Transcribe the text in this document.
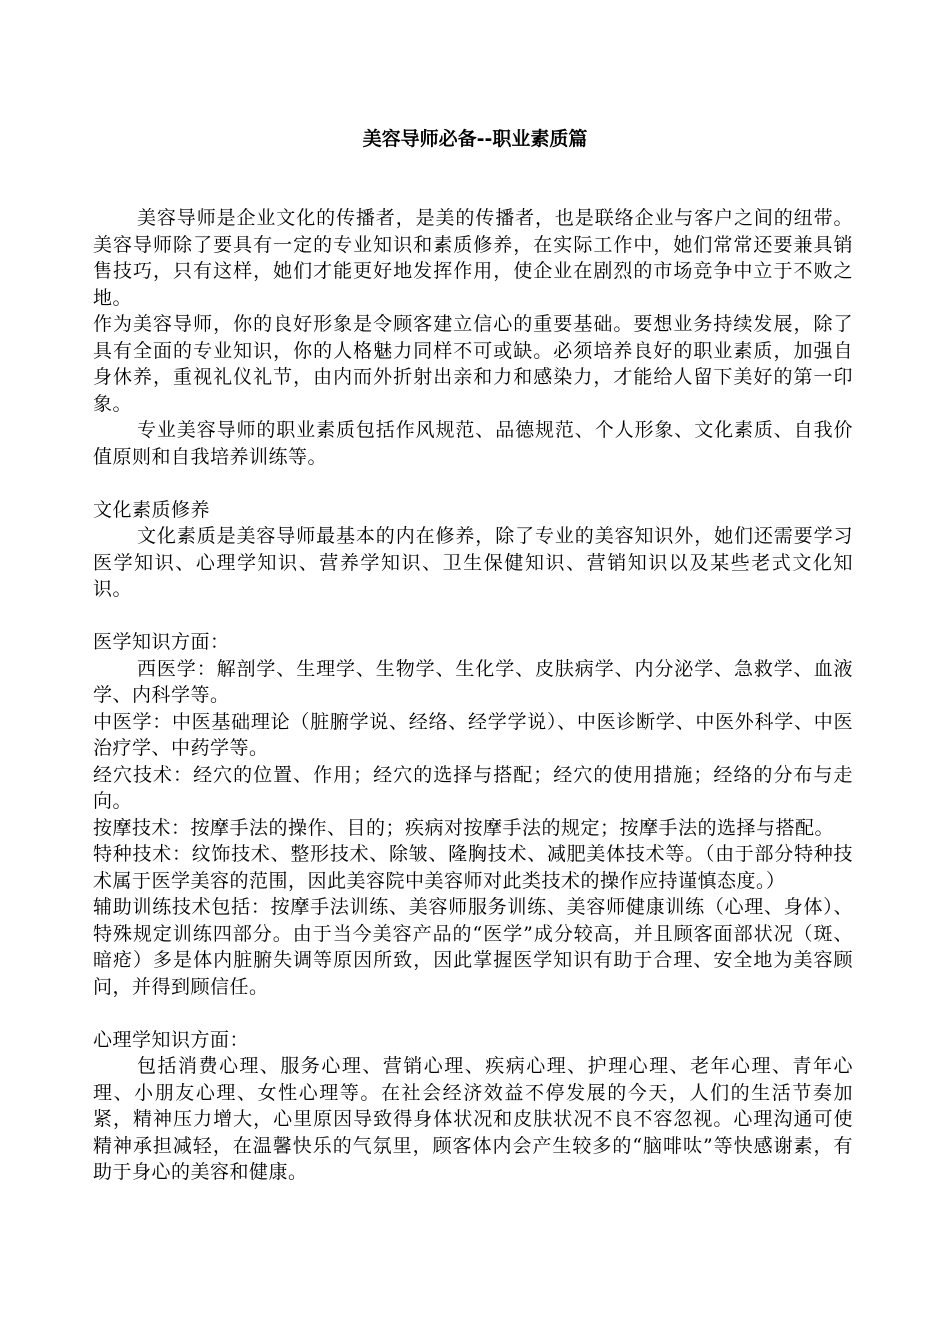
美容导师必备--职业素质篇

美容导师是企业文化的传播者，是美的传播者，也是联络企业与客户之间的纽带。美容导师除了要具有一定的专业知识和素质修养，在实际工作中，她们常常还要兼具销售技巧，只有这样，她们才能更好地发挥作用，使企业在剧烈的市场竞争中立于不败之地。

作为美容导师，你的良好形象是令顾客建立信心的重要基础。要想业务持续发展，除了具有全面的专业知识，你的人格魅力同样不可或缺。必须培养良好的职业素质，加强自身休养，重视礼仪礼节，由内而外折射出亲和力和感染力，才能给人留下美好的第一印象。

专业美容导师的职业素质包括作风规范、品德规范、个人形象、文化素质、自我价值原则和自我培养训练等。

文化素质修养

文化素质是美容导师最基本的内在修养，除了专业的美容知识外，她们还需要学习医学知识、心理学知识、营养学知识、卫生保健知识、营销知识以及某些老式文化知识。

医学知识方面：

西医学：解剖学、生理学、生物学、生化学、皮肤病学、内分泌学、急救学、血液学、内科学等。

中医学：中医基础理论（脏腑学说、经络、经学学说）、中医诊断学、中医外科学、中医治疗学、中药学等。

经穴技术：经穴的位置、作用；经穴的选择与搭配；经穴的使用措施；经络的分布与走向。

按摩技术：按摩手法的操作、目的；疾病对按摩手法的规定；按摩手法的选择与搭配。

特种技术：纹饰技术、整形技术、除皱、隆胸技术、减肥美体技术等。（由于部分特种技术属于医学美容的范围，因此美容院中美容师对此类技术的操作应持谨慎态度。）

辅助训练技术包括：按摩手法训练、美容师服务训练、美容师健康训练（心理、身体）、特殊规定训练四部分。由于当今美容产品的“医学”成分较高，并且顾客面部状况（斑、暗疮）多是体内脏腑失调等原因所致，因此掌握医学知识有助于合理、安全地为美容顾问，并得到顾信任。

心理学知识方面：

包括消费心理、服务心理、营销心理、疾病心理、护理心理、老年心理、青年心理、小朋友心理、女性心理等。在社会经济效益不停发展的今天，人们的生活节奏加紧，精神压力增大，心里原因导致得身体状况和皮肤状况不良不容忽视。心理沟通可使精神承担减轻，在温馨快乐的气氛里，顾客体内会产生较多的“脑啡呔”等快感谢素，有助于身心的美容和健康。
